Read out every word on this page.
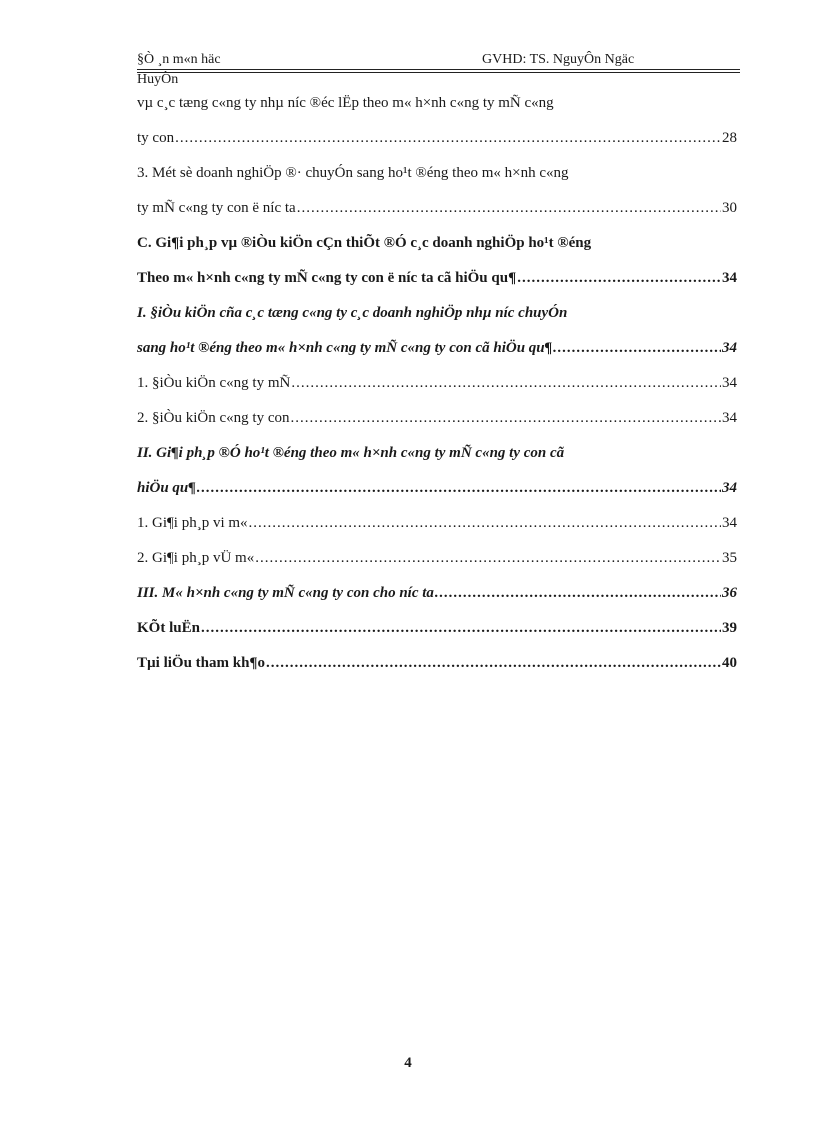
§Ò ¸n m«n häc	GVHD: TS. NguyÔn Ngäc
HuyÒn
vµ c¸c tæng c«ng ty nhµ níc ®éc lËp theo m« h×nh c«ng ty mÑ c«ng
ty con .....	28
3. Mét sè doanh nghiÖp ®· chuyÓn sang ho¹t ®éng theo m« h×nh c«ng
ty mÑ c«ng ty con ë níc ta .....	30
C. Gi¶i ph¸p vµ ®iÒu kiÖn cÇn thiÕt ®Ó c¸c doanh nghiÖp ho¹t ®éng
Theo m« h×nh c«ng ty mÑ c«ng ty con ë níc ta cã hiÖu qu¶ .....	34
I. §iÒu kiÖn cña c¸c tæng c«ng ty c¸c doanh nghiÖp nhµ níc chuyÓn
sang ho¹t ®éng theo m« h×nh c«ng ty mÑ c«ng ty con cã hiÖu qu¶ .....	34
1. §iÒu kiÖn c«ng ty mÑ .....	34
2. §iÒu kiÖn c«ng ty con .....	34
II. Gi¶i ph¸p ®Ó ho¹t ®éng theo m« h×nh c«ng ty mÑ c«ng ty con cã
hiÖu qu¶ .....	34
1. Gi¶i ph¸p vi m« .....	34
2. Gi¶i ph¸p vÜ m« .....	35
III. M« h×nh c«ng ty mÑ c«ng ty con cho níc ta .....	36
KÕt luËn .....	39
Tµi liÖu tham kh¶o .....	40
4
